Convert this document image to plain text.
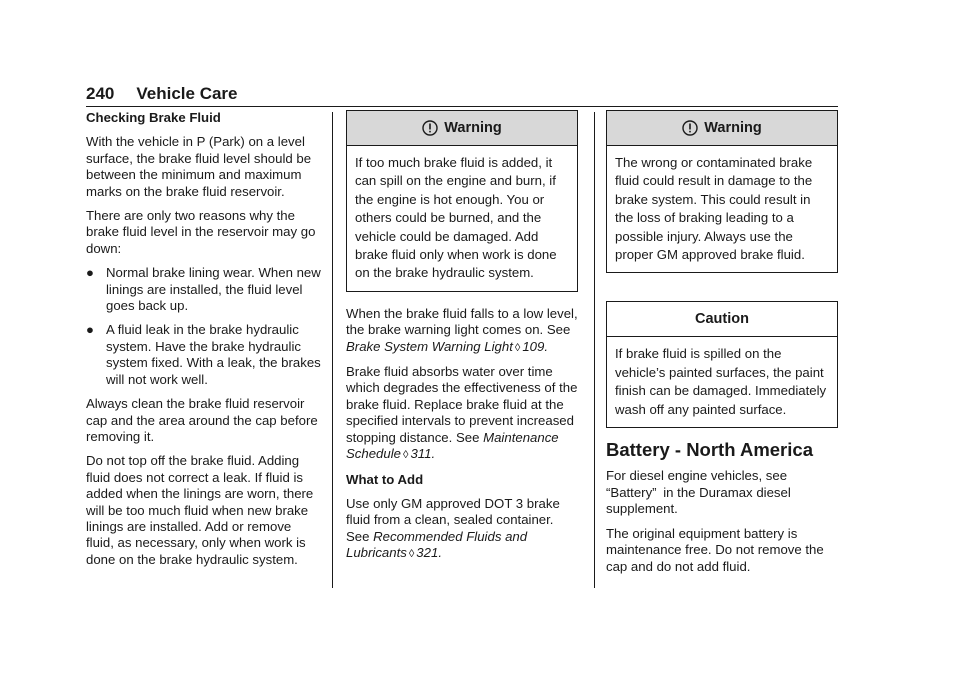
240 Vehicle Care
Checking Brake Fluid

With the vehicle in P (Park) on a level surface, the brake fluid level should be between the minimum and maximum marks on the brake fluid reservoir.

There are only two reasons why the brake fluid level in the reservoir may go down:

● Normal brake lining wear. When new linings are installed, the fluid level goes back up.
● A fluid leak in the brake hydraulic system. Have the brake hydraulic system fixed. With a leak, the brakes will not work well.

Always clean the brake fluid reservoir cap and the area around the cap before removing it.

Do not top off the brake fluid. Adding fluid does not correct a leak. If fluid is added when the linings are worn, there will be too much fluid when new brake linings are installed. Add or remove fluid, as necessary, only when work is done on the brake hydraulic system.

Warning
If too much brake fluid is added, it can spill on the engine and burn, if the engine is hot enough. You or others could be burned, and the vehicle could be damaged. Add brake fluid only when work is done on the brake hydraulic system.

When the brake fluid falls to a low level, the brake warning light comes on. See Brake System Warning Light ◊ 109.

Brake fluid absorbs water over time which degrades the effectiveness of the brake fluid. Replace brake fluid at the specified intervals to prevent increased stopping distance. See Maintenance Schedule ◊ 311.

What to Add

Use only GM approved DOT 3 brake fluid from a clean, sealed container. See Recommended Fluids and Lubricants ◊ 321.

Warning
The wrong or contaminated brake fluid could result in damage to the brake system. This could result in the loss of braking leading to a possible injury. Always use the proper GM approved brake fluid.
Caution
If brake fluid is spilled on the vehicle’s painted surfaces, the paint finish can be damaged. Immediately wash off any painted surface.
Battery - North America

For diesel engine vehicles, see “Battery” in the Duramax diesel supplement.

The original equipment battery is maintenance free. Do not remove the cap and do not add fluid.
